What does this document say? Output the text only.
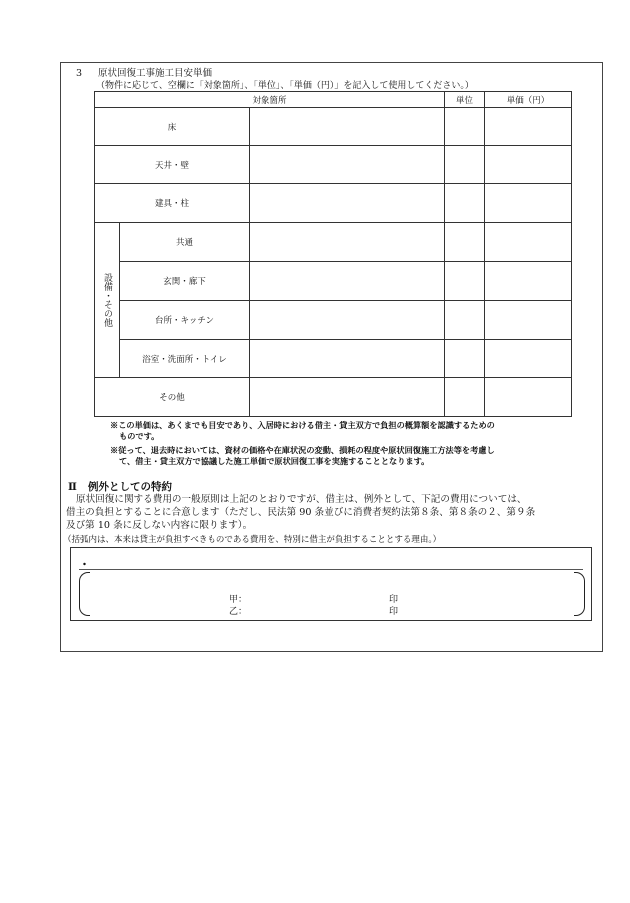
3 原状回復工事施工目安単価
（物件に応じて、空欄に「対象箇所」、「単位」、「単価（円）」を記入して使用してください。）
対象箇所			単位	単価（円）
床				
天井・壁				
建具・柱				

設備・その他	共通			
	玄関・廊下			
	台所・キッチン			
	浴室・洗面所・トイレ			
その他				
※この単価は、あくまでも目安であり、入居時における借主・貸主双方で負担の概算額を認識するための
ものです。
※従って、退去時においては、資材の価格や在庫状況の変動、損耗の程度や原状回復施工方法等を考慮し
て、借主・貸主双方で協議した施工単価で原状回復工事を実施することとなります。
Ⅱ 例外としての特約
原状回復に関する費用の一般原則は上記のとおりですが、借主は、例外として、下記の費用については、
借主の負担とすることに合意します（ただし、民法第 90 条並びに消費者契約法第８条、第８条の２、第９条
及び第 10 条に反しない内容に限ります）。
（括弧内は、本来は貸主が負担すべきものである費用を、特別に借主が負担することとする理由。）
・
甲：
乙：
印
印
